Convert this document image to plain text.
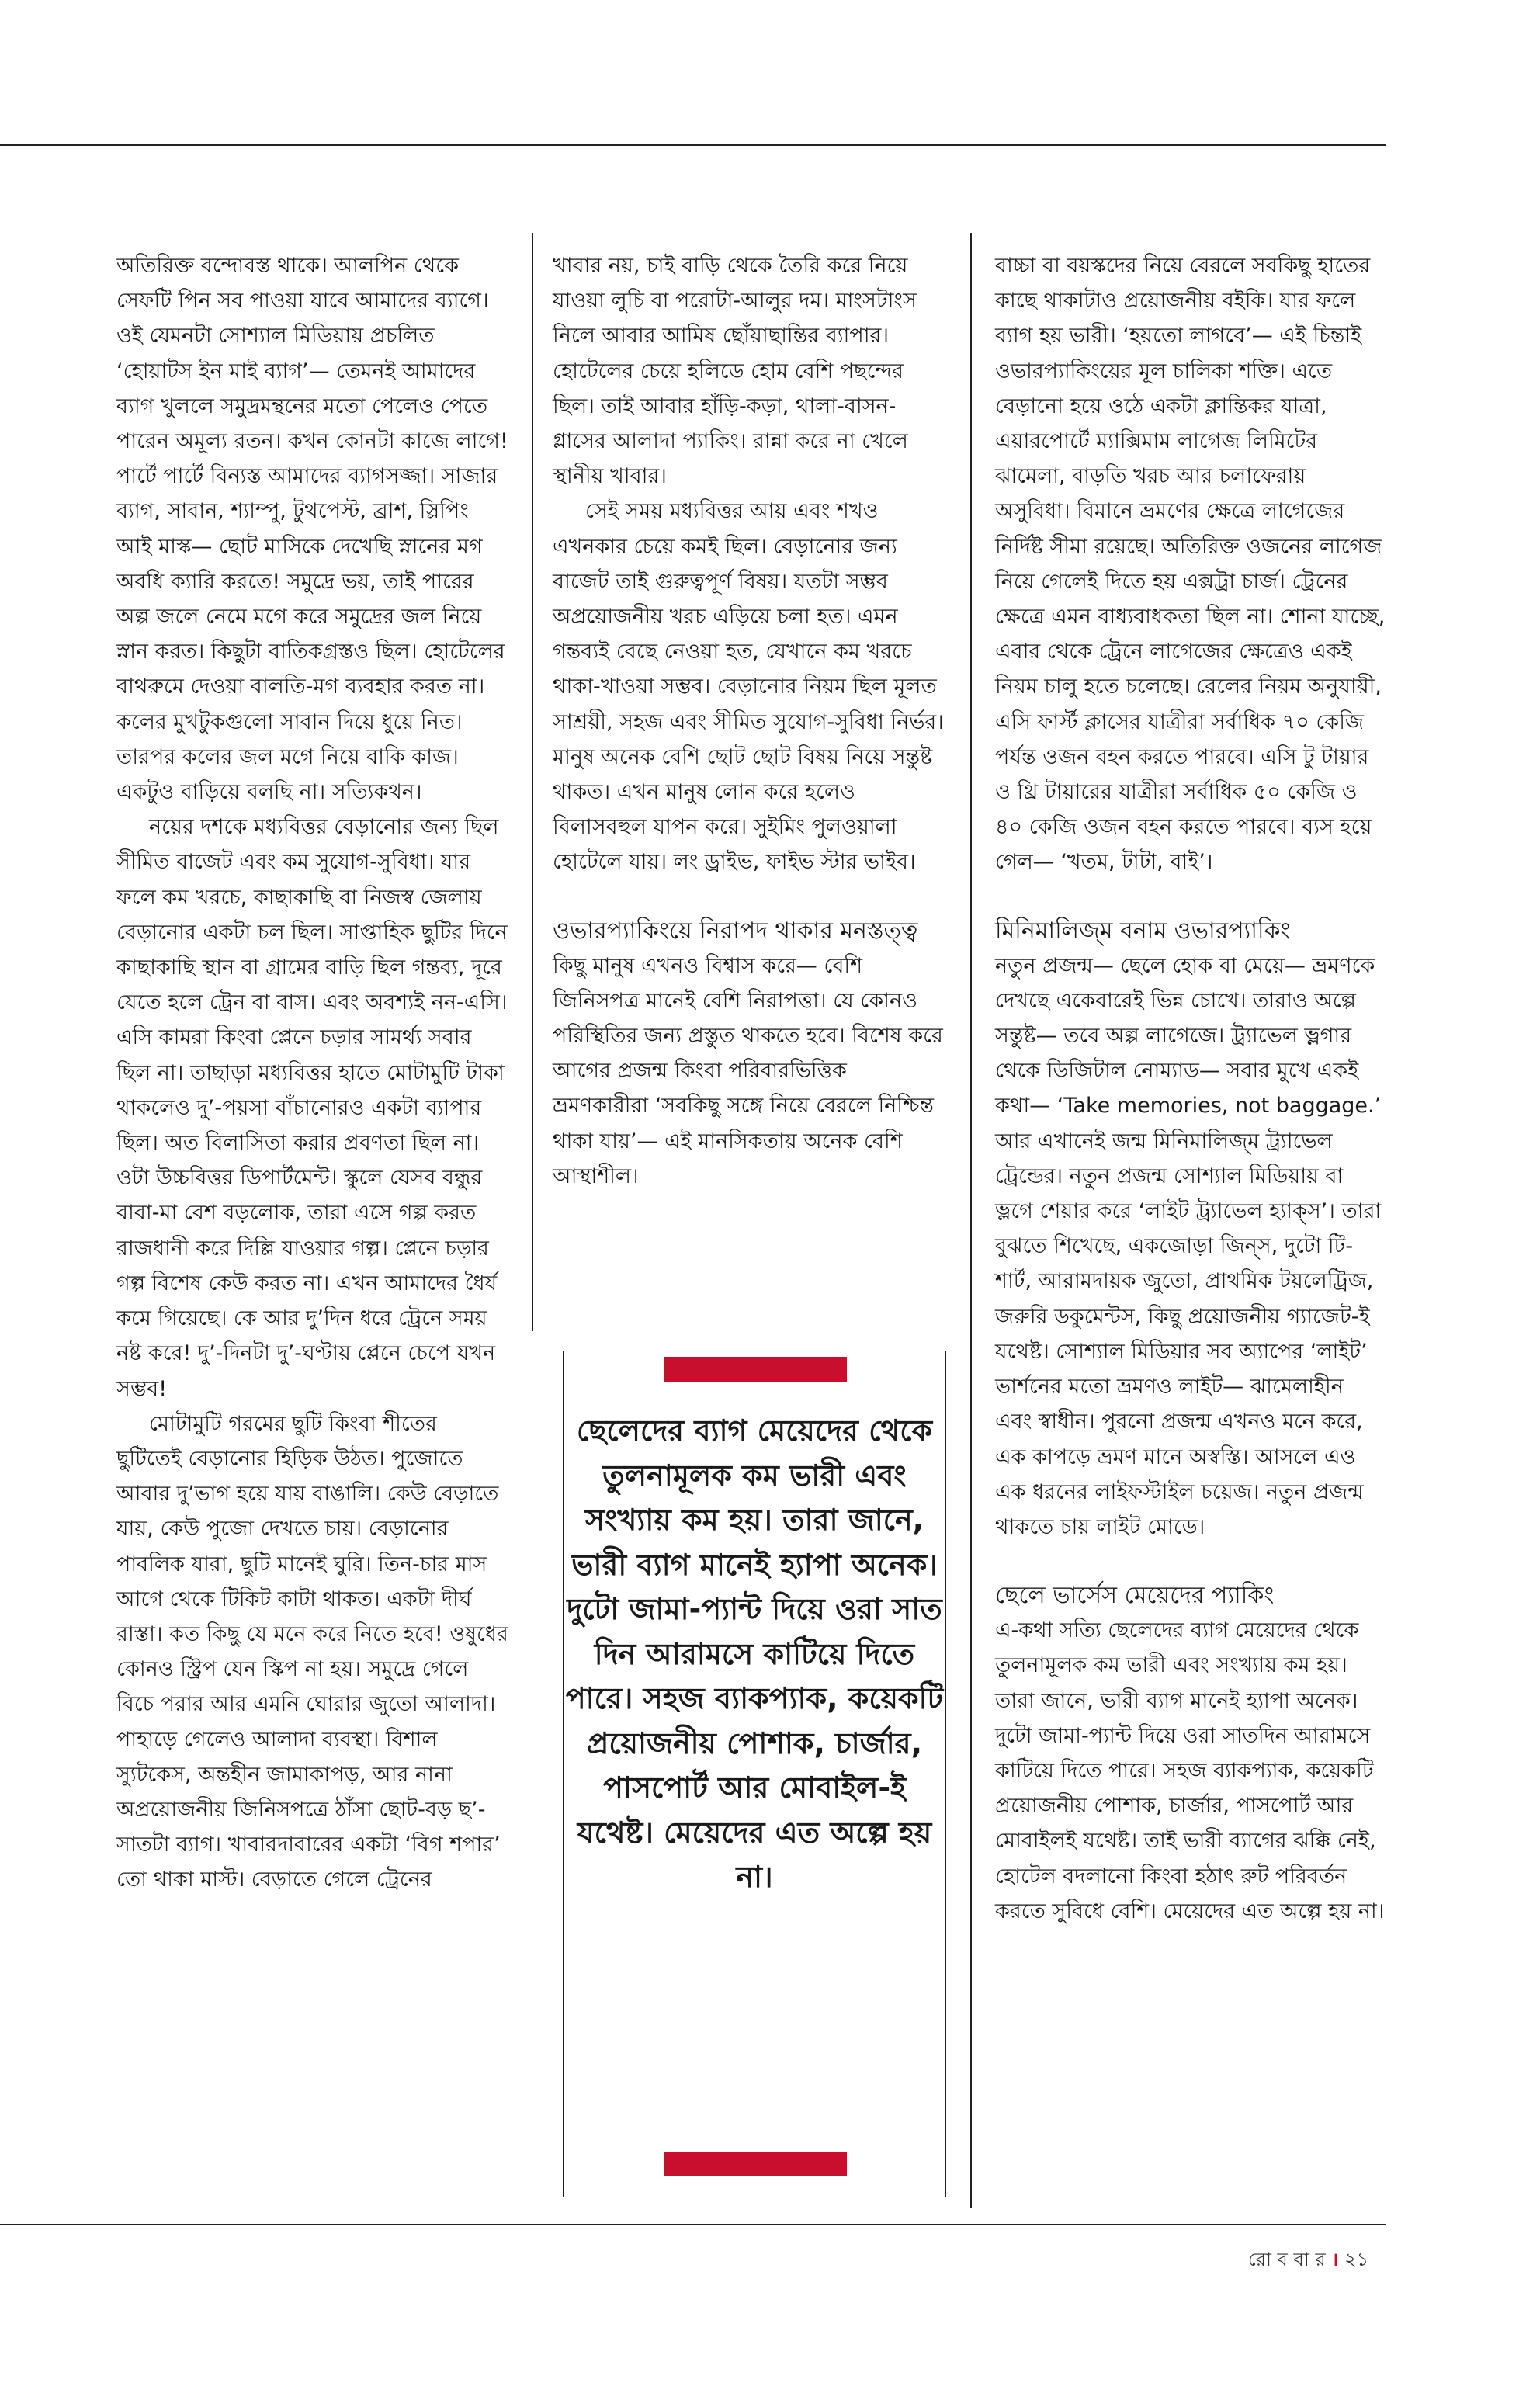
অতিরিক্ত বন্দোবস্ত থাকে। আলপিন থেকে সেফটি পিন সব পাওয়া যাবে আমাদের ব্যাগে। ওই যেমনটা সোশ্যাল মিডিয়ায় প্রচলিত ‘হোয়াটস ইন মাই ব্যাগ’— তেমনই আমাদের ব্যাগ খুললে সমুদ্রমন্থনের মতো পেলেও পেতে পারেন অমূল্য রতন। কখন কোনটা কাজে লাগে! পার্টে পার্টে বিন্যস্ত আমাদের ব্যাগসজ্জা। সাজার ব্যাগ, সাবান, শ্যাম্পু, টুথপেস্ট, ব্রাশ, স্লিপিং আই মাস্ক— ছোট মাসিকে দেখেছি স্নানের মগ অবধি ক্যারি করতে! সমুদ্রে ভয়, তাই পারের অল্প জলে নেমে মগে করে সমুদ্রের জল নিয়ে স্নান করত। কিছুটা বাতিকগ্রস্তও ছিল। হোটেলের বাথরুমে দেওয়া বালতি-মগ ব্যবহার করত না। কলের মুখটুকগুলো সাবান দিয়ে ধুয়ে নিত। তারপর কলের জল মগে নিয়ে বাকি কাজ। একটুও বাড়িয়ে বলছি না। সত্যিকথন।

নয়ের দশকে মধ্যবিত্তর বেড়ানোর জন্য ছিল সীমিত বাজেট এবং কম সুযোগ-সুবিধা। যার ফলে কম খরচে, কাছাকাছি বা নিজস্ব জেলায় বেড়ানোর একটা চল ছিল। সাপ্তাহিক ছুটির দিনে কাছাকাছি স্থান বা গ্রামের বাড়ি ছিল গন্তব্য, দূরে যেতে হলে ট্রেন বা বাস। এবং অবশ্যই নন-এসি। এসি কামরা কিংবা প্লেনে চড়ার সামর্থ্য সবার ছিল না। তাছাড়া মধ্যবিত্তর হাতে মোটামুটি টাকা থাকলেও দু’-পয়সা বাঁচানোরও একটা ব্যাপার ছিল। অত বিলাসিতা করার প্রবণতা ছিল না। ওটা উচ্চবিত্তর ডিপার্টমেন্ট। স্কুলে যেসব বন্ধুর বাবা-মা বেশ বড়লোক, তারা এসে গল্প করত রাজধানী করে দিল্লি যাওয়ার গল্প। প্লেনে চড়ার গল্প বিশেষ কেউ করত না। এখন আমাদের ধৈর্য কমে গিয়েছে। কে আর দু’দিন ধরে ট্রেনে সময় নষ্ট করে! দু’-দিনটা দু’-ঘণ্টায় প্লেনে চেপে যখন সম্ভব!

মোটামুটি গরমের ছুটি কিংবা শীতের ছুটিতেই বেড়ানোর হিড়িক উঠত। পুজোতে আবার দু’ভাগ হয়ে যায় বাঙালি। কেউ বেড়াতে যায়, কেউ পুজো দেখতে চায়। বেড়ানোর পাবলিক যারা, ছুটি মানেই ঘুরি। তিন-চার মাস আগে থেকে টিকিট কাটা থাকত। একটা দীর্ঘ রাস্তা। কত কিছু যে মনে করে নিতে হবে! ওষুধের কোনও স্ট্রিপ যেন স্কিপ না হয়। সমুদ্রে গেলে বিচে পরার আর এমনি ঘোরার জুতো আলাদা। পাহাড়ে গেলেও আলাদা ব্যবস্থা। বিশাল স্যুটকেস, অন্তহীন জামাকাপড়, আর নানা অপ্রয়োজনীয় জিনিসপত্রে ঠাঁসা ছোট-বড় ছ’-সাতটা ব্যাগ। খাবারদাবারের একটা ‘বিগ শপার’ তো থাকা মাস্ট। বেড়াতে গেলে ট্রেনের

খাবার নয়, চাই বাড়ি থেকে তৈরি করে নিয়ে যাওয়া লুচি বা পরোটা-আলুর দম। মাংসটাংস নিলে আবার আমিষ ছোঁয়াছান্তির ব্যাপার। হোটেলের চেয়ে হলিডে হোম বেশি পছন্দের ছিল। তাই আবার হাঁড়ি-কড়া, থালা-বাসন-গ্লাসের আলাদা প্যাকিং। রান্না করে না খেলে স্থানীয় খাবার।

সেই সময় মধ্যবিত্তর আয় এবং শখও এখনকার চেয়ে কমই ছিল। বেড়ানোর জন্য বাজেট তাই গুরুত্বপূর্ণ বিষয়। যতটা সম্ভব অপ্রয়োজনীয় খরচ এড়িয়ে চলা হত। এমন গন্তব্যই বেছে নেওয়া হত, যেখানে কম খরচে থাকা-খাওয়া সম্ভব। বেড়ানোর নিয়ম ছিল মূলত সাশ্রয়ী, সহজ এবং সীমিত সুযোগ-সুবিধা নির্ভর। মানুষ অনেক বেশি ছোট ছোট বিষয় নিয়ে সন্তুষ্ট থাকত। এখন মানুষ লোন করে হলেও বিলাসবহুল যাপন করে। সুইমিং পুলওয়ালা হোটেলে যায়। লং ড্রাইভ, ফাইভ স্টার ভাইব।

ওভারপ্যাকিংয়ে নিরাপদ থাকার মনস্তত্ত্ব

কিছু মানুষ এখনও বিশ্বাস করে— বেশি জিনিসপত্র মানেই বেশি নিরাপত্তা। যে কোনও পরিস্থিতির জন্য প্রস্তুত থাকতে হবে। বিশেষ করে আগের প্রজন্ম কিংবা পরিবারভিত্তিক ভ্রমণকারীরা ‘সবকিছু সঙ্গে নিয়ে বেরলে নিশ্চিন্ত থাকা যায়’— এই মানসিকতায় অনেক বেশি আস্থাশীল।

ছেলেদের ব্যাগ মেয়েদের থেকে তুলনামূলক কম ভারী এবং সংখ্যায় কম হয়। তারা জানে, ভারী ব্যাগ মানেই হ্যাপা অনেক। দুটো জামা-প্যান্ট দিয়ে ওরা সাত দিন আরামসে কাটিয়ে দিতে পারে। সহজ ব্যাকপ্যাক, কয়েকটি প্রয়োজনীয় পোশাক, চার্জার, পাসপোর্ট আর মোবাইল-ই যথেষ্ট। মেয়েদের এত অল্পে হয় না।

বাচ্চা বা বয়স্কদের নিয়ে বেরলে সবকিছু হাতের কাছে থাকাটাও প্রয়োজনীয় বইকি। যার ফলে ব্যাগ হয় ভারী। ‘হয়তো লাগবে’— এই চিন্তাই ওভারপ্যাকিংয়ের মূল চালিকা শক্তি। এতে বেড়ানো হয়ে ওঠে একটা ক্লান্তিকর যাত্রা, এয়ারপোর্টে ম্যাক্সিমাম লাগেজ লিমিটের ঝামেলা, বাড়তি খরচ আর চলাফেরায় অসুবিধা। বিমানে ভ্রমণের ক্ষেত্রে লাগেজের নির্দিষ্ট সীমা রয়েছে। অতিরিক্ত ওজনের লাগেজ নিয়ে গেলেই দিতে হয় এক্সট্রা চার্জ। ট্রেনের ক্ষেত্রে এমন বাধ্যবাধকতা ছিল না। শোনা যাচ্ছে, এবার থেকে ট্রেনে লাগেজের ক্ষেত্রেও একই নিয়ম চালু হতে চলেছে। রেলের নিয়ম অনুযায়ী, এসি ফার্স্ট ক্লাসের যাত্রীরা সর্বাধিক ৭০ কেজি পর্যন্ত ওজন বহন করতে পারবে। এসি টু টায়ার ও থ্রি টায়ারের যাত্রীরা সর্বাধিক ৫০ কেজি ও ৪০ কেজি ওজন বহন করতে পারবে। ব্যস হয়ে গেল— ‘খতম, টাটা, বাই’।

মিনিমালিজ্‌ম বনাম ওভারপ্যাকিং

নতুন প্রজন্ম— ছেলে হোক বা মেয়ে— ভ্রমণকে দেখছে একেবারেই ভিন্ন চোখে। তারাও অল্পে সন্তুষ্ট— তবে অল্প লাগেজে। ট্র্যাভেল ভ্লগার থেকে ডিজিটাল নোম্যাড— সবার মুখে একই কথা— ‘Take memories, not baggage.’ আর এখানেই জন্ম মিনিমালিজ্‌ম ট্র্যাভেল ট্রেন্ডের। নতুন প্রজন্ম সোশ্যাল মিডিয়ায় বা ভ্লগে শেয়ার করে ‘লাইট ট্র্যাভেল হ্যাক্‌স’। তারা বুঝতে শিখেছে, একজোড়া জিন্‌স, দুটো টি-শার্ট, আরামদায়ক জুতো, প্রাথমিক টয়লেট্রিজ, জরুরি ডকুমেন্টস, কিছু প্রয়োজনীয় গ্যাজেট-ই যথেষ্ট। সোশ্যাল মিডিয়ার সব অ্যাপের ‘লাইট’ ভার্শনের মতো ভ্রমণও লাইট— ঝামেলাহীন এবং স্বাধীন। পুরনো প্রজন্ম এখনও মনে করে, এক কাপড়ে ভ্রমণ মানে অস্বস্তি। আসলে এও এক ধরনের লাইফস্টাইল চয়েজ। নতুন প্রজন্ম থাকতে চায় লাইট মোডে।

ছেলে ভার্সেস মেয়েদের প্যাকিং

এ-কথা সত্যি ছেলেদের ব্যাগ মেয়েদের থেকে তুলনামূলক কম ভারী এবং সংখ্যায় কম হয়। তারা জানে, ভারী ব্যাগ মানেই হ্যাপা অনেক। দুটো জামা-প্যান্ট দিয়ে ওরা সাতদিন আরামসে কাটিয়ে দিতে পারে। সহজ ব্যাকপ্যাক, কয়েকটি প্রয়োজনীয় পোশাক, চার্জার, পাসপোর্ট আর মোবাইলই যথেষ্ট। তাই ভারী ব্যাগের ঝক্কি নেই, হোটেল বদলানো কিংবা হঠাৎ রুট পরিবর্তন করতে সুবিধে বেশি। মেয়েদের এত অল্পে হয় না।

রো ব বা র । ২১
